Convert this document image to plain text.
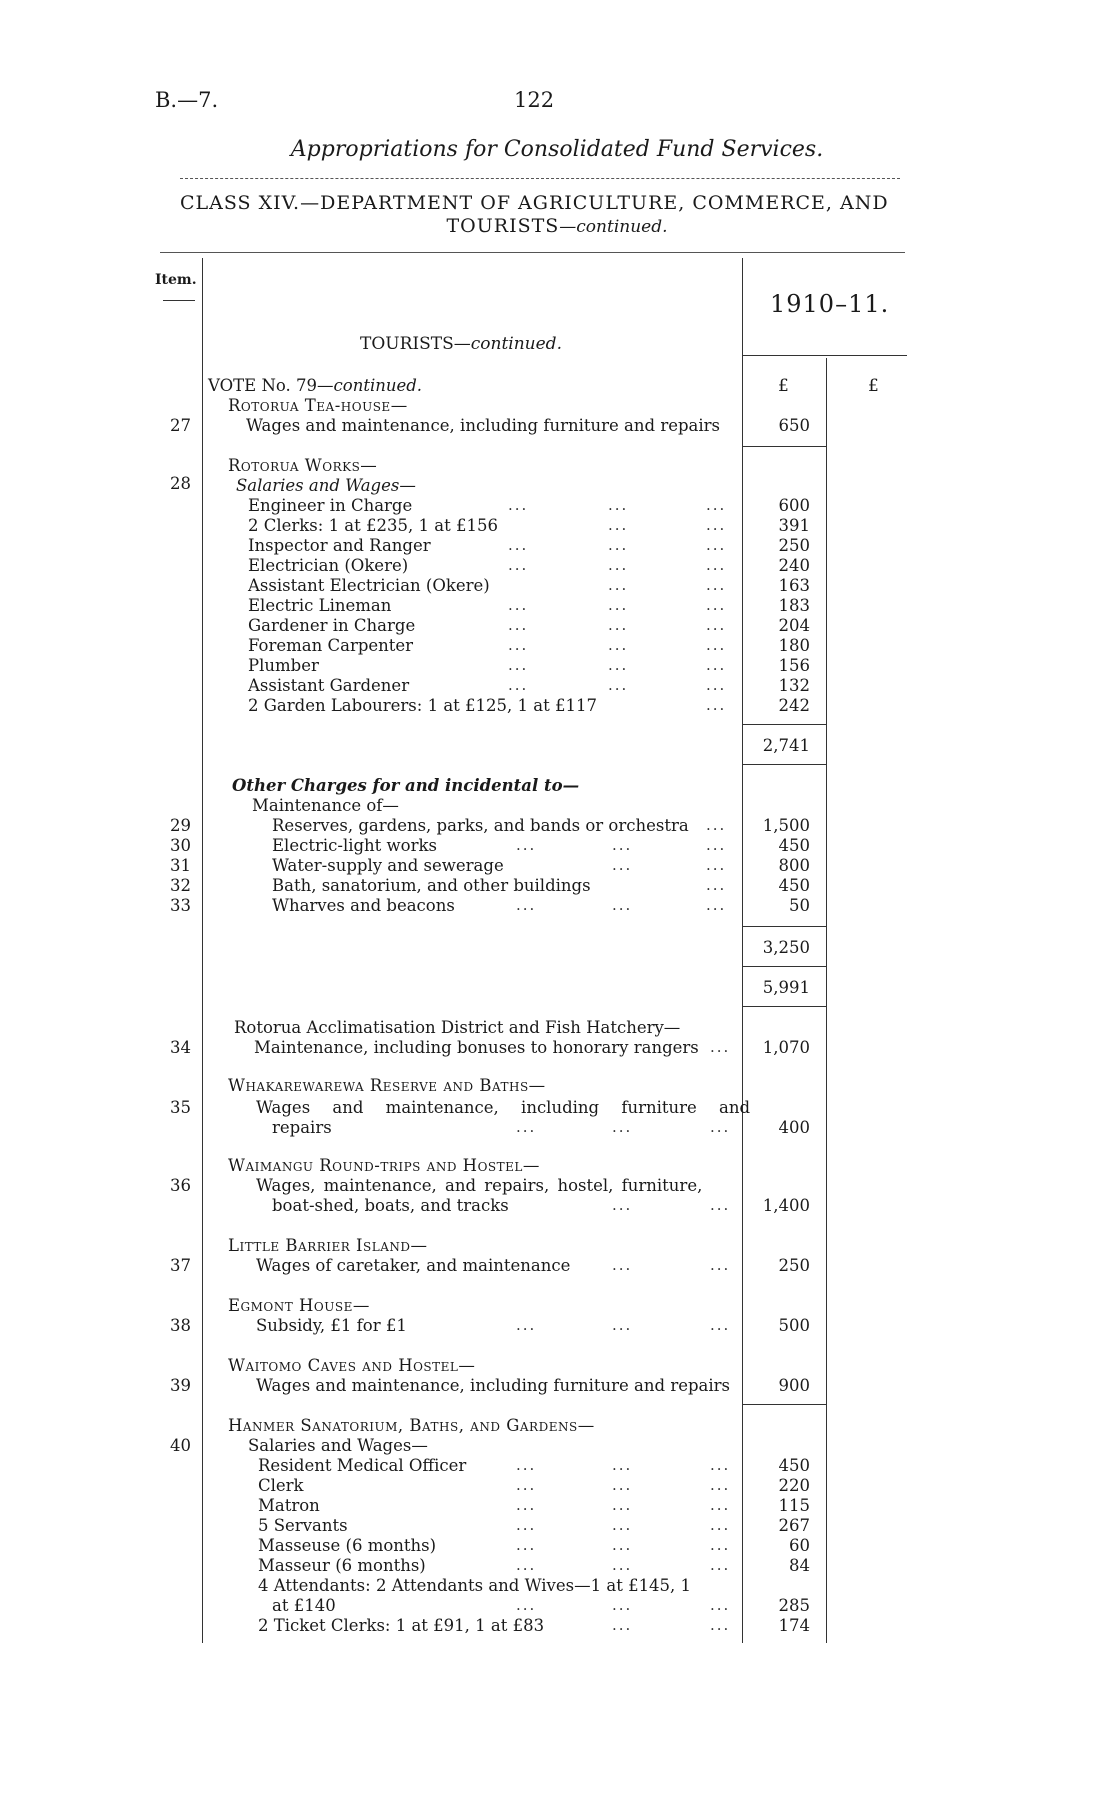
B.—7.	122
Appropriations for Consolidated Fund Services.
CLASS XIV.—DEPARTMENT OF AGRICULTURE, COMMERCE, AND
TOURISTS—continued.
Item.
1910–11.
TOURISTS—continued.
£	£
VOTE No. 79—continued.
Rotorua Tea-house—
27	Wages and maintenance, including furniture and repairs	650
28
Rotorua Works—
Salaries and Wages—
Engineer in Charge	...	...	...	600
2 Clerks: 1 at £235, 1 at £156	...	...	391
Inspector and Ranger	...	...	...	250
Electrician (Okere)	...	...	...	240
Assistant Electrician (Okere)	...	...	163
Electric Lineman	...	...	...	183
Gardener in Charge	...	...	...	204
Foreman Carpenter	...	...	...	180
Plumber	...	...	...	156
Assistant Gardener	...	...	...	132
2 Garden Labourers: 1 at £125, 1 at £117	...	242
2,741
Other Charges for and incidental to—
Maintenance of—
29	Reserves, gardens, parks, and bands or orchestra ... 1,500
30	Electric-light works	...	...	...	450
31	Water-supply and sewerage	...	...	800
32	Bath, sanatorium, and other buildings	...	450
33	Wharves and beacons	...	...	...	50
3,250
5,991
Rotorua Acclimatisation District and Fish Hatchery—
34	Maintenance, including bonuses to honorary rangers ... 1,070
Whakarewarewa Reserve and Baths—
35	Wages and maintenance, including furniture and
repairs	...	...	...	400
Waimangu Round-trips and Hostel—
36	Wages, maintenance, and repairs, hostel, furniture,
boat-shed, boats, and tracks	...	... 1,400
Little Barrier Island—
37	Wages of caretaker, and maintenance	...	...	250
Egmont House—
38	Subsidy, £1 for £1	...	...	...	500
Waitomo Caves and Hostel—
39	Wages and maintenance, including furniture and repairs	900
Hanmer Sanatorium, Baths, and Gardens—
40	Salaries and Wages—
Resident Medical Officer	...	...	...	450
Clerk	...	...	...	220
Matron	...	...	...	115
5 Servants	...	...	...	267
Masseuse (6 months)	...	...	...	60
Masseur (6 months)	...	...	...	84
4 Attendants: 2 Attendants and Wives—1 at £145, 1
at £140	...	...	...	285
2 Ticket Clerks: 1 at £91, 1 at £83	...	...	174
